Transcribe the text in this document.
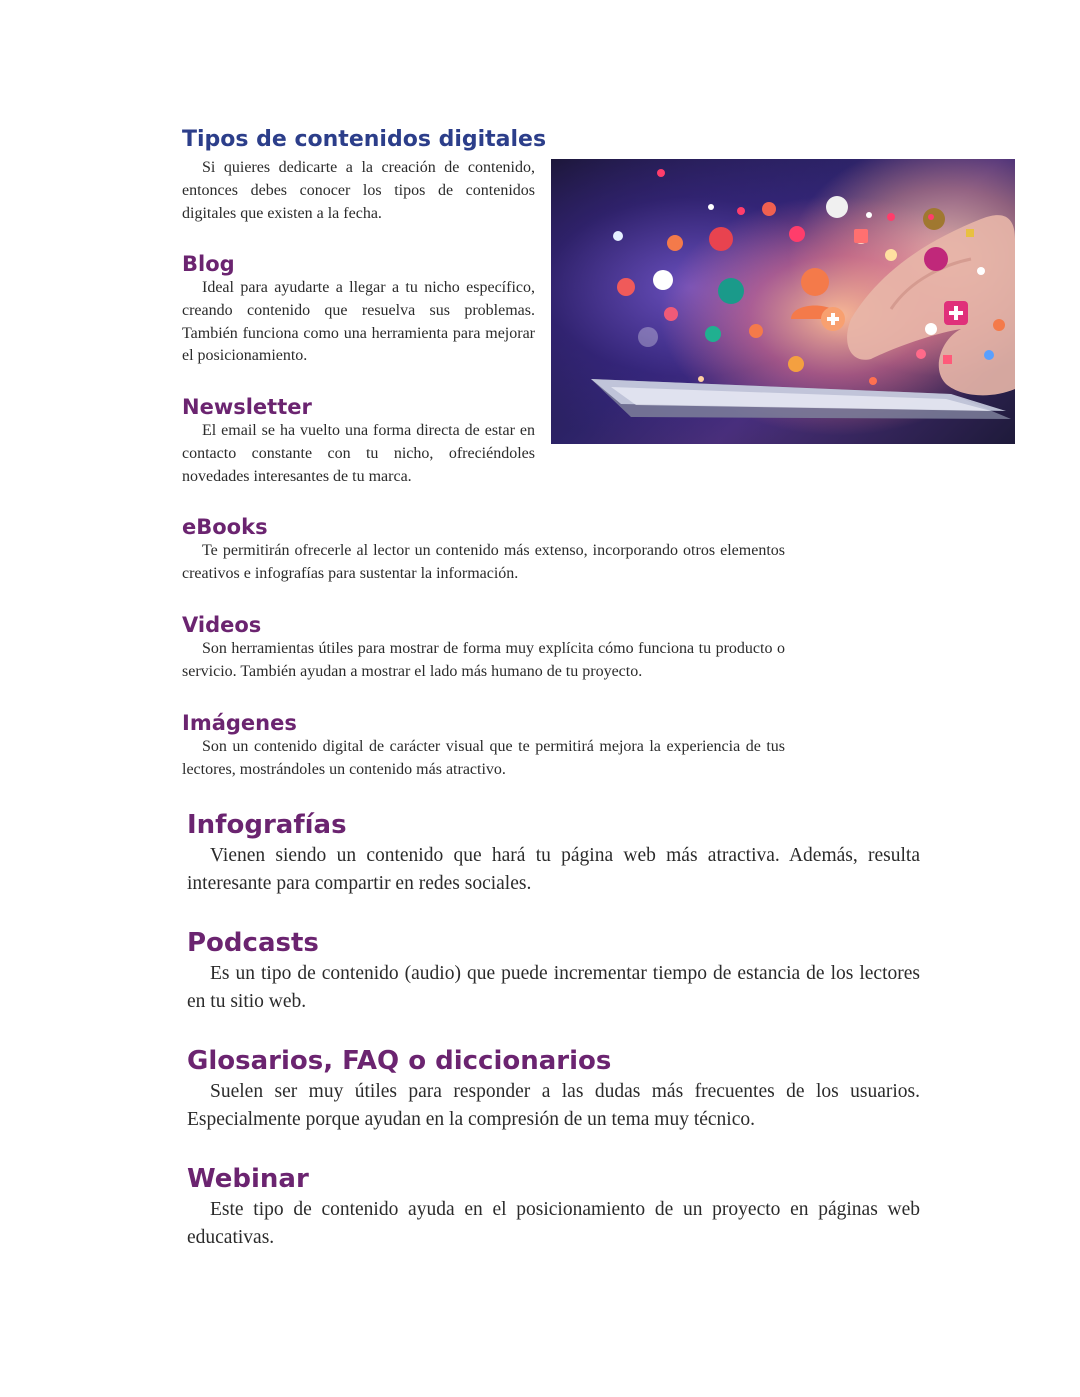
Tipos de contenidos digitales

Si quieres dedicarte a la creación de contenido, entonces debes conocer los tipos de contenidos digitales que existen a la fecha.

Blog

Ideal para ayudarte a llegar a tu nicho específico, creando contenido que resuelva sus problemas. También funciona como una herramienta para mejorar el posicionamiento.

Newsletter

El email se ha vuelto una forma directa de estar en contacto constante con tu nicho, ofreciéndoles novedades interesantes de tu marca.

eBooks

Te permitirán ofrecerle al lector un contenido más extenso, incorporando otros elementos creativos e infografías para sustentar la información.

Videos

Son herramientas útiles para mostrar de forma muy explícita cómo funciona tu producto o servicio. También ayudan a mostrar el lado más humano de tu proyecto.

Imágenes

Son un contenido digital de carácter visual que te permitirá mejora la experiencia de tus lectores, mostrándoles un contenido más atractivo.

Infografías

Vienen siendo un contenido que hará tu página web más atractiva. Además, resulta interesante para compartir en redes sociales.

Podcasts

Es un tipo de contenido (audio) que puede incrementar tiempo de estancia de los lectores en tu sitio web.

Glosarios, FAQ o diccionarios

Suelen ser muy útiles para responder a las dudas más frecuentes de los usuarios. Especialmente porque ayudan en la compresión de un tema muy técnico.

Webinar

Este tipo de contenido ayuda en el posicionamiento de un proyecto en páginas web educativas.
